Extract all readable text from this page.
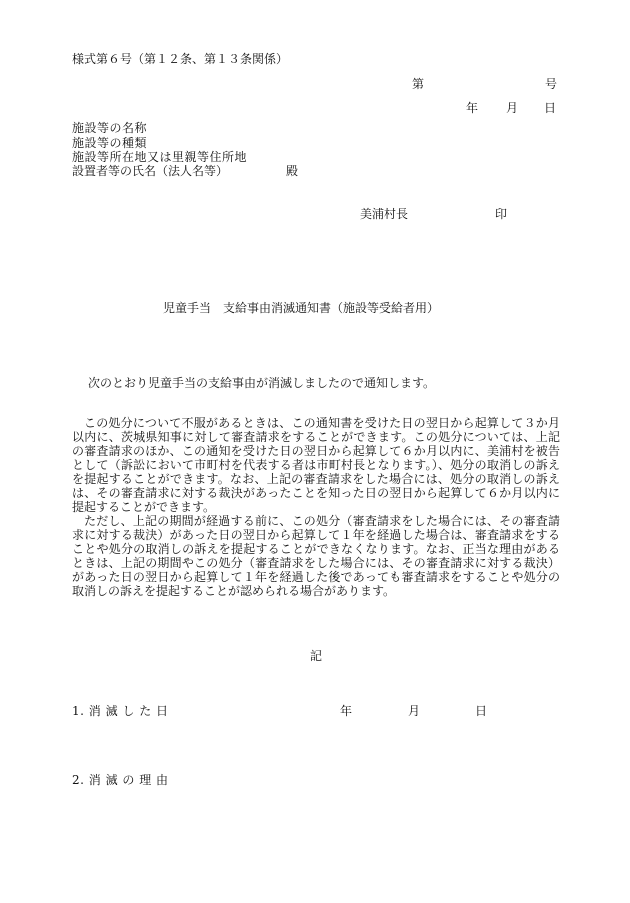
様式第６号（第１２条、第１３条関係）
第	号
年 月 日
施設等の名称
施設等の種類
施設等所在地又は里親等住所地
設置者等の氏名（法人名等）	殿
美浦村長	印
児童手当　支給事由消滅通知書（施設等受給者用）
次のとおり児童手当の支給事由が消滅しましたので通知します。

この処分について不服があるときは、この通知書を受けた日の翌日から起算して３か月以内に、茨城県知事に対して審査請求をすることができます。この処分については、上記の審査請求のほか、この通知を受けた日の翌日から起算して６か月以内に、美浦村を被告として（訴訟において市町村を代表する者は市町村長となります。）、処分の取消しの訴えを提起することができます。なお、上記の審査請求をした場合には、処分の取消しの訴えは、その審査請求に対する裁決があったことを知った日の翌日から起算して６か月以内に提起することができます。

ただし、上記の期間が経過する前に、この処分（審査請求をした場合には、その審査請求に対する裁決）があった日の翌日から起算して１年を経過した場合は、審査請求をすることや処分の取消しの訴えを提起することができなくなります。なお、正当な理由があるときは、上記の期間やこの処分（審査請求をした場合には、その審査請求に対する裁決）があった日の翌日から起算して１年を経過した後であっても審査請求をすることや処分の取消しの訴えを提起することが認められる場合があります。

記
1. 消 滅 し た 日	年	月	日
2. 消 滅 の 理 由
